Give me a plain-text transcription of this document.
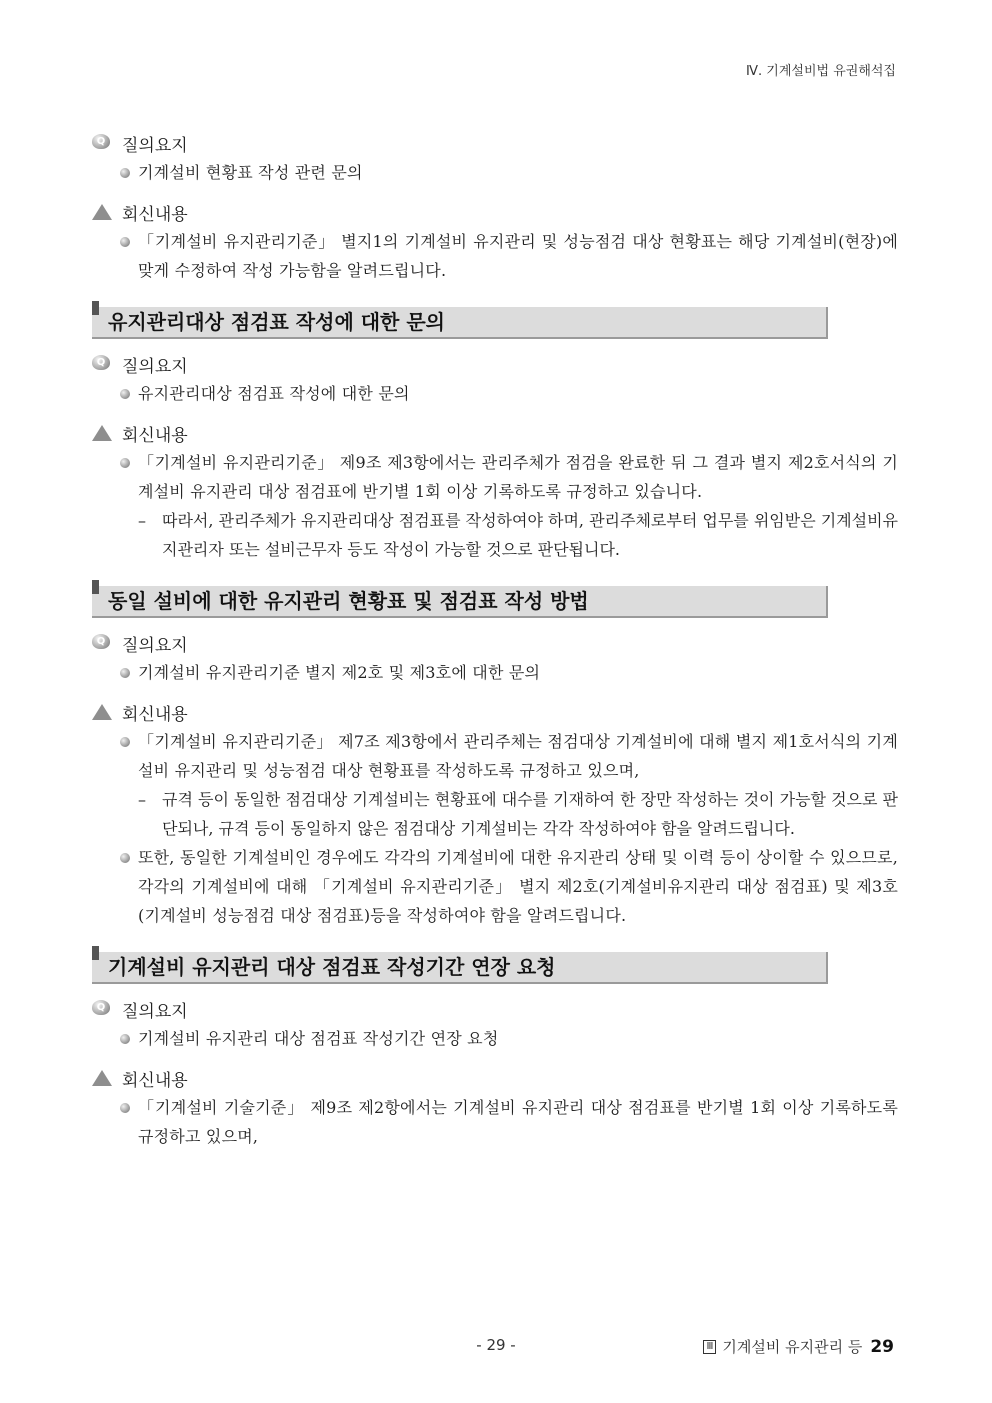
Ⅳ. 기계설비법 유권해석집
Q 질의요지
기계설비 현황표 작성 관련 문의
회신내용
「기계설비 유지관리기준」 별지1의 기계설비 유지관리 및 성능점검 대상 현황표는 해당 기계설비(현장)에 맞게 수정하여 작성 가능함을 알려드립니다.
유지관리대상 점검표 작성에 대한 문의
Q 질의요지
유지관리대상 점검표 작성에 대한 문의
회신내용
「기계설비 유지관리기준」 제9조 제3항에서는 관리주체가 점검을 완료한 뒤 그 결과 별지 제2호서식의 기계설비 유지관리 대상 점검표에 반기별 1회 이상 기록하도록 규정하고 있습니다.
–	따라서, 관리주체가 유지관리대상 점검표를 작성하여야 하며, 관리주체로부터 업무를 위임받은 기계설비유지관리자 또는 설비근무자 등도 작성이 가능할 것으로 판단됩니다.
동일 설비에 대한 유지관리 현황표 및 점검표 작성 방법
Q 질의요지
기계설비 유지관리기준 별지 제2호 및 제3호에 대한 문의
회신내용
「기계설비 유지관리기준」 제7조 제3항에서 관리주체는 점검대상 기계설비에 대해 별지 제1호서식의 기계설비 유지관리 및 성능점검 대상 현황표를 작성하도록 규정하고 있으며,
–	규격 등이 동일한 점검대상 기계설비는 현황표에 대수를 기재하여 한 장만 작성하는 것이 가능할 것으로 판단되나, 규격 등이 동일하지 않은 점검대상 기계설비는 각각 작성하여야 함을 알려드립니다.
또한, 동일한 기계설비인 경우에도 각각의 기계설비에 대한 유지관리 상태 및 이력 등이 상이할 수 있으므로, 각각의 기계설비에 대해 「기계설비 유지관리기준」 별지 제2호(기계설비유지관리 대상 점검표) 및 제3호(기계설비 성능점검 대상 점검표)등을 작성하여야 함을 알려드립니다.
기계설비 유지관리 대상 점검표 작성기간 연장 요청
Q 질의요지
기계설비 유지관리 대상 점검표 작성기간 연장 요청
회신내용
「기계설비 기술기준」 제9조 제2항에서는 기계설비 유지관리 대상 점검표를 반기별 1회 이상 기록하도록 규정하고 있으며,
- 29 -	Ⅲ 기계설비 유지관리 등 29
